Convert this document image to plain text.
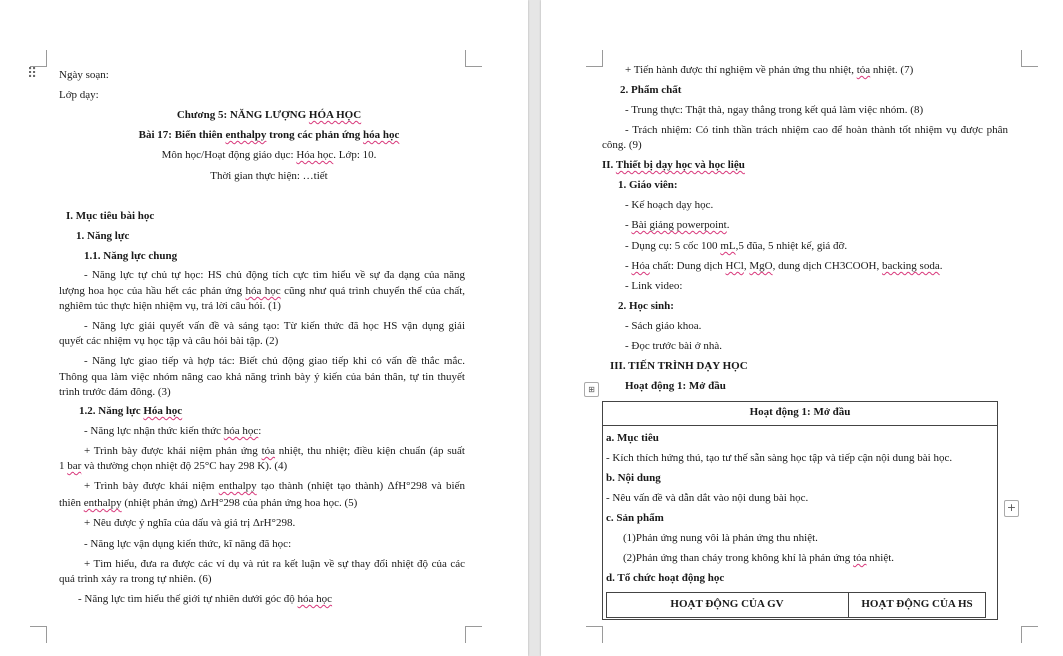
⠿ Ngày soạn:
Lớp dạy:
Chương 5: NĂNG LƯỢNG HÓA HỌC
Bài 17: Biến thiên enthalpy trong các phản ứng hóa học
Môn học/Hoạt động giáo dục: Hóa học. Lớp: 10.
Thời gian thực hiện: …tiết
I. Mục tiêu bài học
1. Năng lực
1.1. Năng lực chung
- Năng lực tự chủ tự học: HS chủ động tích cực tìm hiểu về sự đa dạng của năng
lượng hoa học của hầu hết các phản ứng hóa học cũng như quá trình chuyển thể của chất,
nghiêm túc thực hiện nhiệm vụ, trả lời câu hỏi. (1)
- Năng lực giải quyết vấn đề và sáng tạo: Từ kiến thức đã học HS vận dụng giải
quyết các nhiệm vụ học tập và câu hỏi bài tập. (2)
- Năng lực giao tiếp và hợp tác: Biết chủ động giao tiếp khi có vấn đề thắc mắc.
Thông qua làm việc nhóm nâng cao khả năng trình bày ý kiến của bản thân, tự tin thuyết
trình trước đám đông. (3)
1.2. Năng lực Hóa học
- Năng lực nhận thức kiến thức hóa học:
+ Trình bày được khái niệm phản ứng tỏa nhiệt, thu nhiệt; điều kiện chuẩn (áp suất
1 bar và thường chọn nhiệt độ 25°C hay 298 K). (4)
+ Trình bày được khái niệm enthalpy tạo thành (nhiệt tạo thành) ΔfH°298 và biến
thiên enthalpy (nhiệt phản ứng) ΔrH°298 của phản ứng hoa học. (5)
+ Nêu được ý nghĩa của dấu và giá trị ΔrH°298.
- Năng lực vận dụng kiến thức, kĩ năng đã học:
+ Tìm hiểu, đưa ra được các ví dụ và rút ra kết luận về sự thay đổi nhiệt độ của các
quá trình xảy ra trong tự nhiên. (6)
- Năng lực tìm hiểu thế giới tự nhiên dưới góc độ hóa học
+ Tiến hành được thí nghiệm về phản ứng thu nhiệt, tỏa nhiệt. (7)
2. Phẩm chất
- Trung thực: Thật thà, ngay thẳng trong kết quả làm việc nhóm. (8)
- Trách nhiệm: Có tinh thần trách nhiệm cao để hoàn thành tốt nhiệm vụ được phân
công. (9)
II. Thiết bị dạy học và học liệu
1. Giáo viên:
- Kế hoạch dạy học.
- Bài giảng powerpoint.
- Dụng cụ: 5 cốc 100 mL,5 đũa, 5 nhiệt kế, giá đỡ.
- Hóa chất: Dung dịch HCl, MgO, dung dịch CH3COOH, backing soda.
- Link video:
2. Học sinh:
- Sách giáo khoa.
- Đọc trước bài ở nhà.
III. TIẾN TRÌNH DẠY HỌC
⊞	Hoạt động 1: Mở đầu
Hoạt động 1: Mở đầu
a. Mục tiêu
- Kích thích hứng thú, tạo tư thế sẵn sàng học tập và tiếp cận nội dung bài học.
b. Nội dung
- Nêu vấn đề và dẫn dắt vào nội dung bài học.
c. Sản phẩm
(1)Phản ứng nung vôi là phản ứng thu nhiệt.
(2)Phản ứng than cháy trong không khí là phản ứng tỏa nhiệt.
d. Tổ chức hoạt động học
HOẠT ĐỘNG CỦA GV	HOẠT ĐỘNG CỦA HS
+
